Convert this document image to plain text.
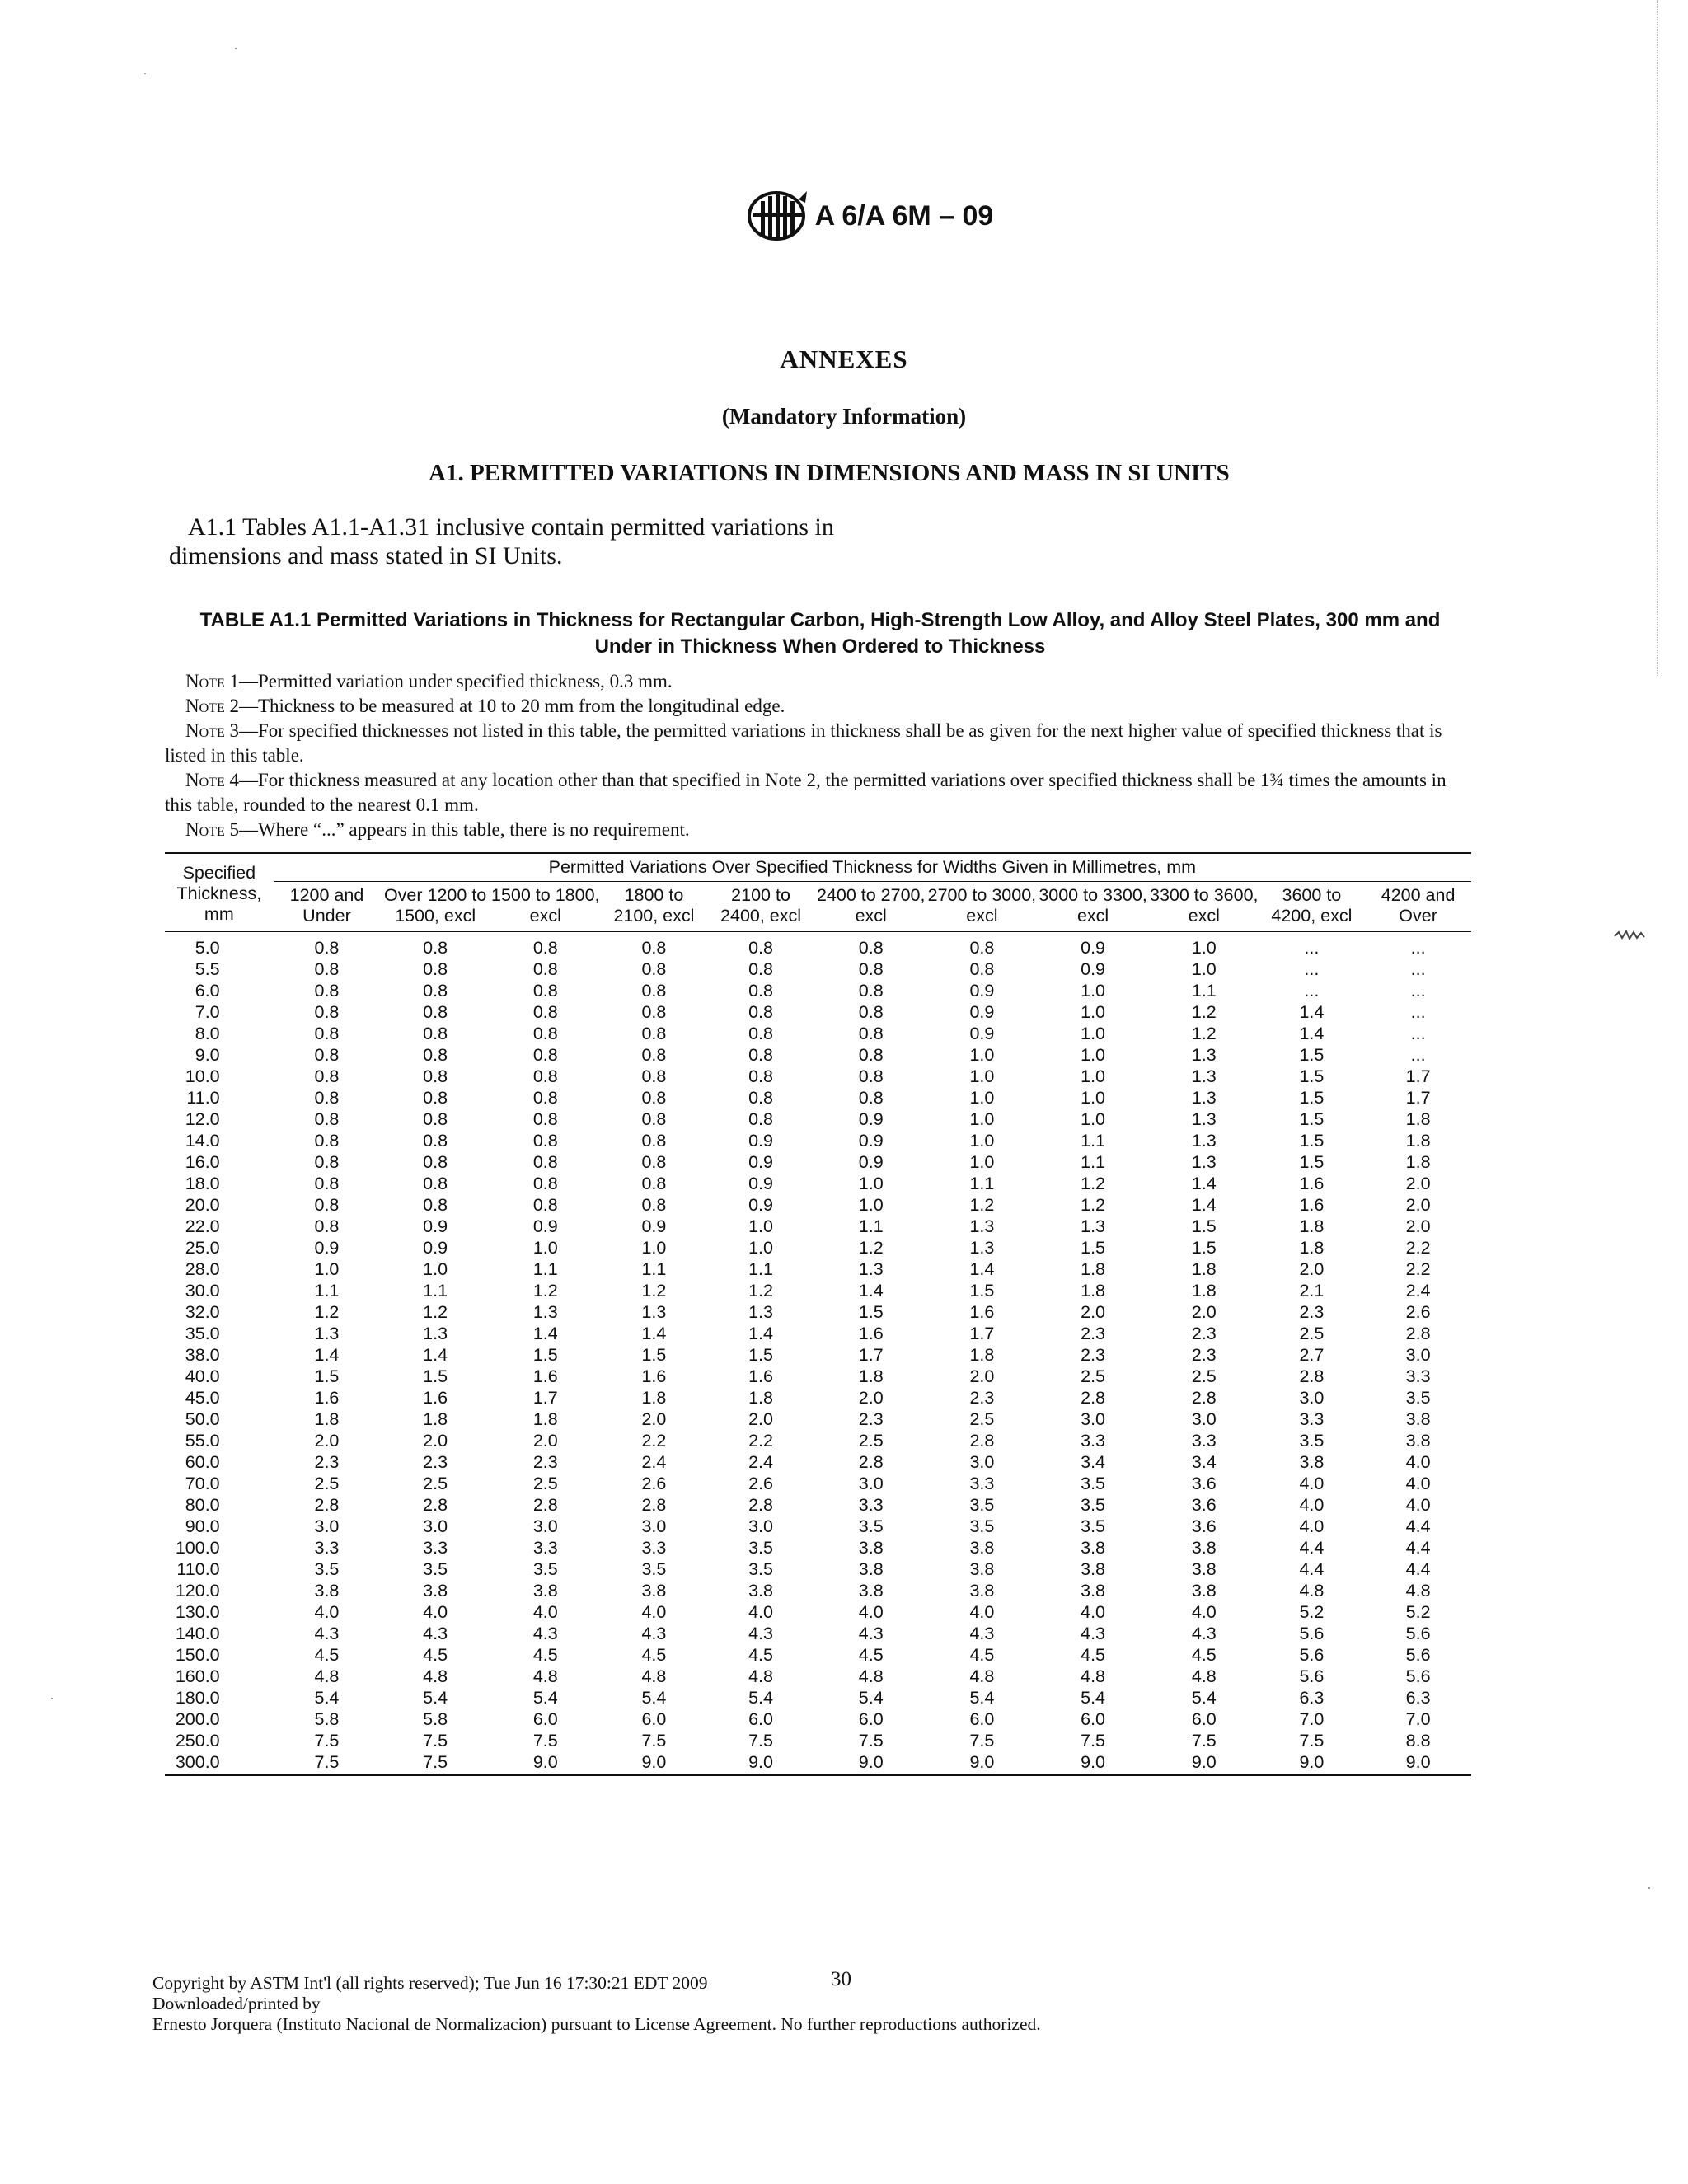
A 6/A 6M – 09
ANNEXES
(Mandatory Information)
A1. PERMITTED VARIATIONS IN DIMENSIONS AND MASS IN SI UNITS
A1.1 Tables A1.1-A1.31 inclusive contain permitted variations in dimensions and mass stated in SI Units.
TABLE A1.1 Permitted Variations in Thickness for Rectangular Carbon, High-Strength Low Alloy, and Alloy Steel Plates, 300 mm and Under in Thickness When Ordered to Thickness
Note 1—Permitted variation under specified thickness, 0.3 mm.
Note 2—Thickness to be measured at 10 to 20 mm from the longitudinal edge.
Note 3—For specified thicknesses not listed in this table, the permitted variations in thickness shall be as given for the next higher value of specified thickness that is listed in this table.
Note 4—For thickness measured at any location other than that specified in Note 2, the permitted variations over specified thickness shall be 1¾ times the amounts in this table, rounded to the nearest 0.1 mm.
Note 5—Where “...” appears in this table, there is no requirement.
Specified Thickness, mm	Permitted Variations Over Specified Thickness for Widths Given in Millimetres, mm										
	1200 and Under	Over 1200 to 1500, excl	1500 to 1800, excl	1800 to 2100, excl	2100 to 2400, excl	2400 to 2700, excl	2700 to 3000, excl	3000 to 3300, excl	3300 to 3600, excl	3600 to 4200, excl	4200 and Over
5.0	0.8	0.8	0.8	0.8	0.8	0.8	0.8	0.9	1.0	...	...
5.5	0.8	0.8	0.8	0.8	0.8	0.8	0.8	0.9	1.0	...	...
6.0	0.8	0.8	0.8	0.8	0.8	0.8	0.9	1.0	1.1	...	...
7.0	0.8	0.8	0.8	0.8	0.8	0.8	0.9	1.0	1.2	1.4	...
8.0	0.8	0.8	0.8	0.8	0.8	0.8	0.9	1.0	1.2	1.4	...
9.0	0.8	0.8	0.8	0.8	0.8	0.8	1.0	1.0	1.3	1.5	...
10.0	0.8	0.8	0.8	0.8	0.8	0.8	1.0	1.0	1.3	1.5	1.7
11.0	0.8	0.8	0.8	0.8	0.8	0.8	1.0	1.0	1.3	1.5	1.7
12.0	0.8	0.8	0.8	0.8	0.8	0.9	1.0	1.0	1.3	1.5	1.8
14.0	0.8	0.8	0.8	0.8	0.9	0.9	1.0	1.1	1.3	1.5	1.8
16.0	0.8	0.8	0.8	0.8	0.9	0.9	1.0	1.1	1.3	1.5	1.8
18.0	0.8	0.8	0.8	0.8	0.9	1.0	1.1	1.2	1.4	1.6	2.0
20.0	0.8	0.8	0.8	0.8	0.9	1.0	1.2	1.2	1.4	1.6	2.0
22.0	0.8	0.9	0.9	0.9	1.0	1.1	1.3	1.3	1.5	1.8	2.0
25.0	0.9	0.9	1.0	1.0	1.0	1.2	1.3	1.5	1.5	1.8	2.2
28.0	1.0	1.0	1.1	1.1	1.1	1.3	1.4	1.8	1.8	2.0	2.2
30.0	1.1	1.1	1.2	1.2	1.2	1.4	1.5	1.8	1.8	2.1	2.4
32.0	1.2	1.2	1.3	1.3	1.3	1.5	1.6	2.0	2.0	2.3	2.6
35.0	1.3	1.3	1.4	1.4	1.4	1.6	1.7	2.3	2.3	2.5	2.8
38.0	1.4	1.4	1.5	1.5	1.5	1.7	1.8	2.3	2.3	2.7	3.0
40.0	1.5	1.5	1.6	1.6	1.6	1.8	2.0	2.5	2.5	2.8	3.3
45.0	1.6	1.6	1.7	1.8	1.8	2.0	2.3	2.8	2.8	3.0	3.5
50.0	1.8	1.8	1.8	2.0	2.0	2.3	2.5	3.0	3.0	3.3	3.8
55.0	2.0	2.0	2.0	2.2	2.2	2.5	2.8	3.3	3.3	3.5	3.8
60.0	2.3	2.3	2.3	2.4	2.4	2.8	3.0	3.4	3.4	3.8	4.0
70.0	2.5	2.5	2.5	2.6	2.6	3.0	3.3	3.5	3.6	4.0	4.0
80.0	2.8	2.8	2.8	2.8	2.8	3.3	3.5	3.5	3.6	4.0	4.0
90.0	3.0	3.0	3.0	3.0	3.0	3.5	3.5	3.5	3.6	4.0	4.4
100.0	3.3	3.3	3.3	3.3	3.5	3.8	3.8	3.8	3.8	4.4	4.4
110.0	3.5	3.5	3.5	3.5	3.5	3.8	3.8	3.8	3.8	4.4	4.4
120.0	3.8	3.8	3.8	3.8	3.8	3.8	3.8	3.8	3.8	4.8	4.8
130.0	4.0	4.0	4.0	4.0	4.0	4.0	4.0	4.0	4.0	5.2	5.2
140.0	4.3	4.3	4.3	4.3	4.3	4.3	4.3	4.3	4.3	5.6	5.6
150.0	4.5	4.5	4.5	4.5	4.5	4.5	4.5	4.5	4.5	5.6	5.6
160.0	4.8	4.8	4.8	4.8	4.8	4.8	4.8	4.8	4.8	5.6	5.6
180.0	5.4	5.4	5.4	5.4	5.4	5.4	5.4	5.4	5.4	6.3	6.3
200.0	5.8	5.8	6.0	6.0	6.0	6.0	6.0	6.0	6.0	7.0	7.0
250.0	7.5	7.5	7.5	7.5	7.5	7.5	7.5	7.5	7.5	7.5	8.8
300.0	7.5	7.5	9.0	9.0	9.0	9.0	9.0	9.0	9.0	9.0	9.0
30
Copyright by ASTM Int'l (all rights reserved); Tue Jun 16 17:30:21 EDT 2009
Downloaded/printed by
Ernesto Jorquera (Instituto Nacional de Normalizacion) pursuant to License Agreement. No further reproductions authorized.
